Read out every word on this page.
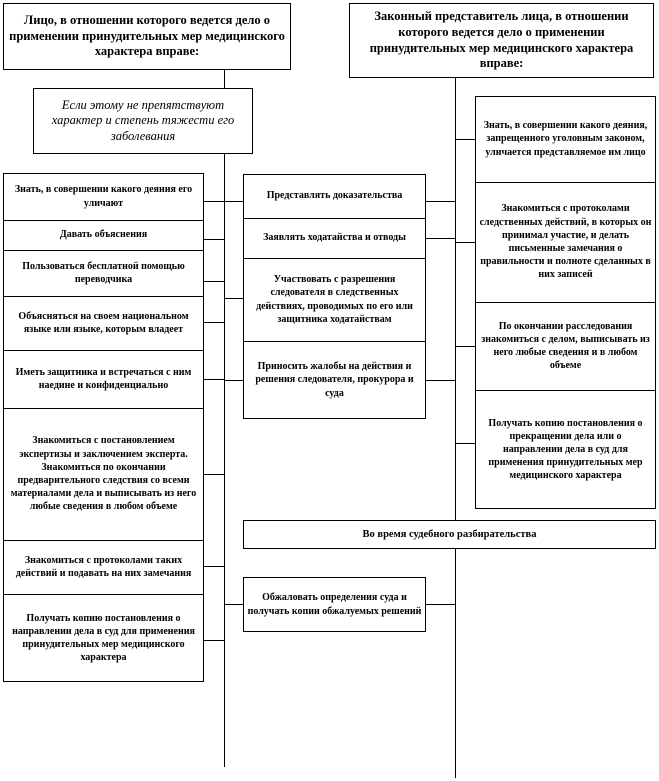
Лицо, в отношении которого ведется дело о применении принудительных мер медицинского характера вправе:
Законный представитель лица, в отношении которого ведется дело о применении принудительных мер медицинского характера вправе:
Если этому не препятствуют характер и степень тяжести его заболевания
Знать, в совершении какого деяния его уличают
Давать объяснения
Пользоваться бесплатной помощью переводчика
Объясняться на своем национальном языке или языке, которым владеет
Иметь защитника и встречаться с ним наедине и конфиденциально
Знакомиться с постановлением экспертизы и заключением эксперта. Знакомиться по окончании предварительного следствия со всеми материалами дела и выписывать из него любые сведения в любом объеме
Знакомиться с протоколами таких действий и подавать на них замечания
Получать копию постановления о направлении дела в суд для применения принудительных мер медицинского характера
Представлять доказательства
Заявлять ходатайства и отводы
Участвовать с разрешения следователя в следственных действиях, проводимых по его или защитника ходатайствам
Приносить жалобы на действия и решения следователя, прокурора и суда
Знать, в совершении какого деяния, запрещенного уголовным законом, уличается представляемое им лицо
Знакомиться с протоколами следственных действий, в которых он принимал участие, и делать письменные замечания о правильности и полноте сделанных в них записей
По окончании расследования знакомиться с делом, выписывать из него любые сведения и в любом объеме
Получать копию постановления о прекращении дела или о направлении дела в суд для применения принудительных мер медицинского характера
Во время судебного разбирательства
Обжаловать определения суда и получать копии обжалуемых решений
